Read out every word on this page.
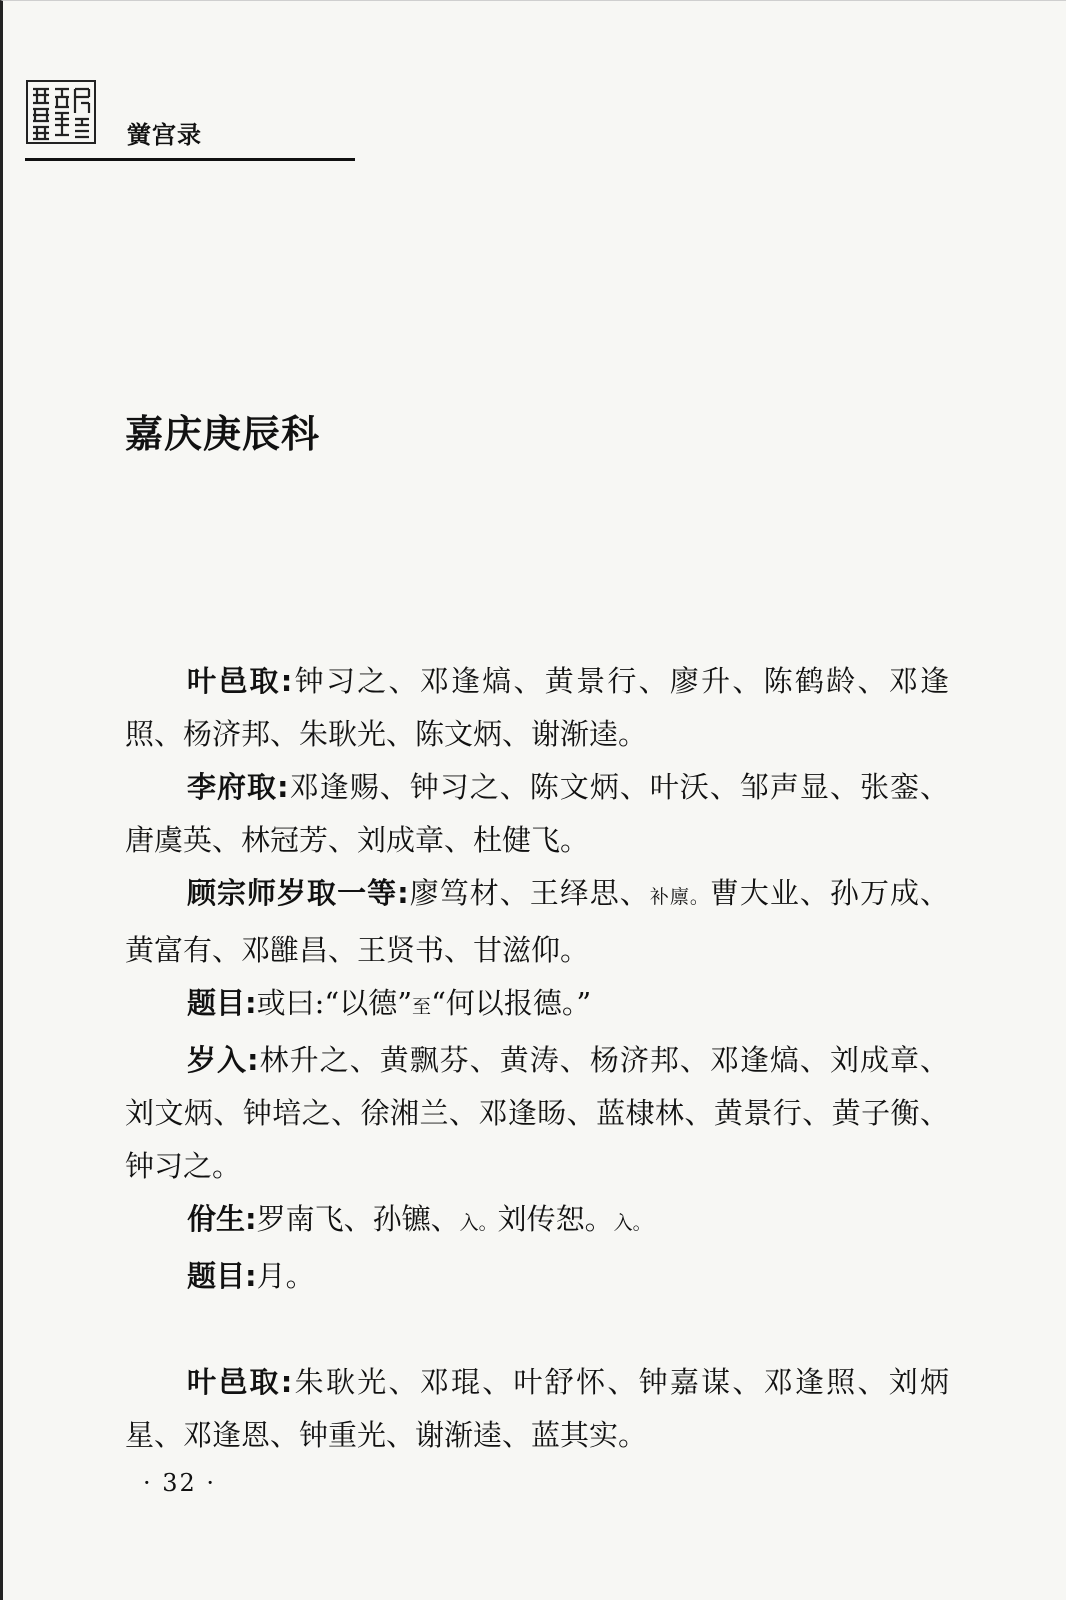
黉宫录
嘉庆庚辰科

叶邑取:钟习之、邓逢熇、黄景行、廖升、陈鹤龄、邓逢照、杨济邦、朱耿光、陈文炳、谢渐逵。

李府取:邓逢赐、钟习之、陈文炳、叶沃、邹声显、张銮、唐虞英、林冠芳、刘成章、杜健飞。

顾宗师岁取一等:廖笃材、王绎思、补廪。曹大业、孙万成、黄富有、邓雝昌、王贤书、甘滋仰。

题目:或曰:“以德”至“何以报德。”

岁入:林升之、黄飘芬、黄涛、杨济邦、邓逢熇、刘成章、刘文炳、钟培之、徐湘兰、邓逢旸、蓝棣林、黄景行、黄子衡、钟习之。

佾生:罗南飞、孙镳、入。刘传恕。入。

题目:月。

叶邑取:朱耿光、邓琨、叶舒怀、钟嘉谋、邓逢照、刘炳星、邓逢恩、钟重光、谢渐逵、蓝其实。

· 32 ·
